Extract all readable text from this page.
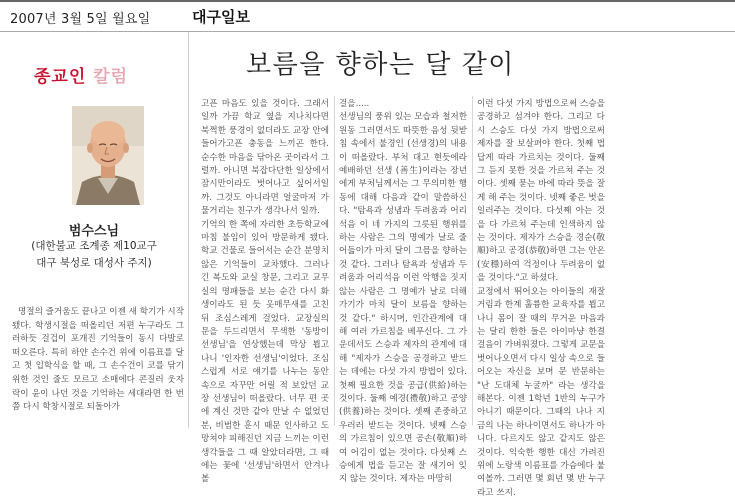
2007년 3월 5일 월요일	대구일보
종교인 칼럼
범수스님
(대한불교 조계종 제10교구
대구 북성로 대성사 주지)
명절의 즐거움도 끝나고 이젠 새 학기가 시작됐다. 학생시절을 떠올리던 저편 누구라도 그러하듯 걸겁이 포개진 기억들이 동시 다발로 떠오른다. 특히 하얀 손수건 위에 이름표를 달고 첫 입학식을 할 때, 그 손수건이 코를 닦기 위한 것인 줄도 모르고 소매에다 콘질러 웃자락이 윤이 나던 것을 기억하는 세대라면 한 번쯤 다시 학창시절로 되돌아가
보름을 향하는 달 같이
고픈 마음도 있을 것이다. 그래서일까 가끔 학교 옆을 지나치다면 북쩍한 풍경이 없더라도 교장 안에 들어가고픈 충동을 느끼곤 한다. 순수한 마음을 닦아온 곳이라서 그럴까. 아니면 북잡다단한 일상에서 잠시만이라도 벗어나고 싶어서일까. 그것도 아니라면 얼굴마저 가물거리는 친구가 생각나서 일까.
기억의 한 쪽에 자리한 초등학교에 마침 불임이 있어 방문하게 됐다. 학교 건물로 들어서는 순간 분명치 않은 기억들이 교차했다. 그러나 긴 복도와 교실 창문, 그리고 교무실의 명패들을 보는 순간 다시 화생이라도 된 듯 옷매무새를 고친 뒤 조심스레게 걸었다. 교장실의 문을 두드리면서 무색한 '동방이 선생님'을 연상했는데 막상 뵙고 나니 '인자한 선생님'이었다. 조심스럽게 서로 얘기를 나누는 동안 속으로 자꾸만 어릴 적 보았던 교장 선생님이 떠올랐다. 너무 편 곳에 계신 것만 같아 만날 수 없었던 분, 비범한 훈시 때문 인사하고 도망쳐야 피해진던 지금 느끼는 이런 생각들을 그 때 알았더라면, 그 때에는 꽃에 '선생님'하면서 안겨나 볼
걸을.....
선생님의 풍위 있는 모습과 철저한 원동 그러면서도 따뜻한 음성 뒷받침 속에서 불경인 (선생경)의 내용이 떠올랐다. 부처 대고 현듯에라 예배하던 선생 (善生)이라는 장년에게 부처님께서는 그 무의미한 행동에 대해 다음과 같이 말씀하신다. "탐욕과 성냄과 두려움과 어리석음 이 네 가지의 그릇된 행위를 하는 사람은 그의 명예가 날로 줄어듦이가 마치 달이 그믐을 향하는 것 같다. 그러나 탐욕과 성냄과 두려움과 어리석음 이런 악행을 짓지 않는 사람은 그 명예가 날로 더해 가기가 마치 달이 보름을 향하는 것 같다." 하시며, 인간관계에 대해 여러 가르침을 베푸신다. 그 가운데서도 스승과 제자의 관계에 대해 "제자가 스승을 공경하고 받드는 데에는 다섯 가지 방법이 있다. 첫째 필요한 것을 공급(供給)하는 것이다. 둘째 예경(禮敬)하고 공양(供養)하는 것이다. 셋째 존중하고 우러러 받드는 것이다. 넷째 스승의 가르침이 있으면 공손(敬順)하여 어김이 없는 것이다. 다섯째 스승에게 법을 듣고는 잘 새기어 잊지 않는 것이다. 제자는 마땅히
이런 다섯 가지 방법으로써 스승을 공경하고 섬겨야 한다. 그리고 다시 스승도 다섯 가지 방법으로써 제자를 잘 보살펴야 한다. 첫째 법답게 따라 가르치는 것이다. 둘째 그 듣지 못한 것을 가르쳐 주는 것이다. 셋째 묻는 바에 따라 뜻을 잘게 해 주는 것이다. 넷째 좋은 벗을 일러주는 것이다. 다섯째 아는 것을 다 가르쳐 주는데 인색하지 않는 것이다. 제자가 스승을 경순(敬順)하고 공경(恭敬)하면 그는 안온(安穩)하여 걱정이나 두려움이 없을 것이다."고 하셨다.
교정에서 뛰어오는 아이들의 재잘거림과 한계 훌륭한 교육자를 뵙고 나니 몸이 잘 때의 무거운 마음과는 달리 한한 들은 아이마냥 한결 걸음이 가벼워졌다. 그렇게 교문을 벗어나오면서 다시 일상 속으로 들어오는 자신을 보며 문 반문하는 "난 도대체 누굴까" 라는 생각을 해본다. 이젠 1학년 1반의 누구가 아니기 때문이다. 그때의 나나 지금의 나는 하나이면서도 하나가 아니다. 다르지도 않고 같지도 않은 것이다. 익숙한 행한 대신 가려진 위에 노랑색 이름표를 가슴에다 붙여볼까. 그러면 몇 회년 몇 반 누구라고 쓰지.
